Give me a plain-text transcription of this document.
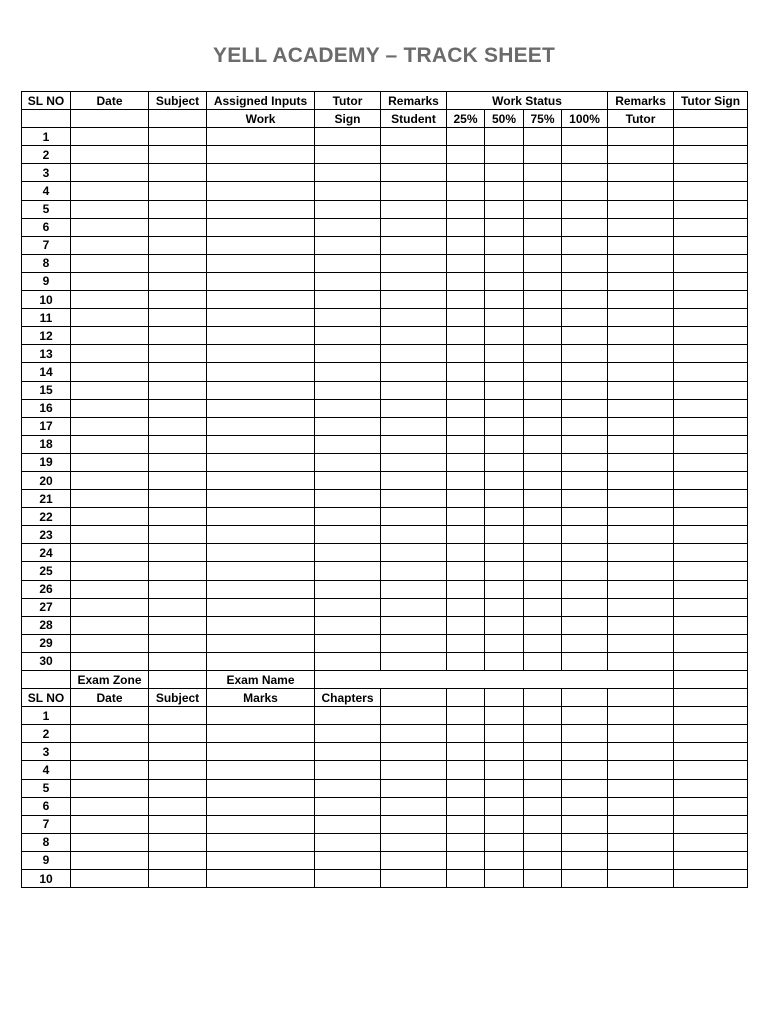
YELL ACADEMY – TRACK SHEET
SL NO	Date	Subject	Assigned Inputs	Tutor	Remarks	Work Status				Remarks	Tutor Sign
			Work	Sign	Student	25%	50%	75%	100%	Tutor	
1											
2											
3											
4											
5											
6											
7											
8											
9											
10											
11											
12											
13											
14											
15											
16											
17											
18											
19											
20											
21											
22											
23											
24											
25											
26											
27											
28											
29											
30											
	Exam Zone		Exam Name								
SL NO	Date	Subject	Marks	Chapters							
1											
2											
3											
4											
5											
6											
7											
8											
9											
10											
